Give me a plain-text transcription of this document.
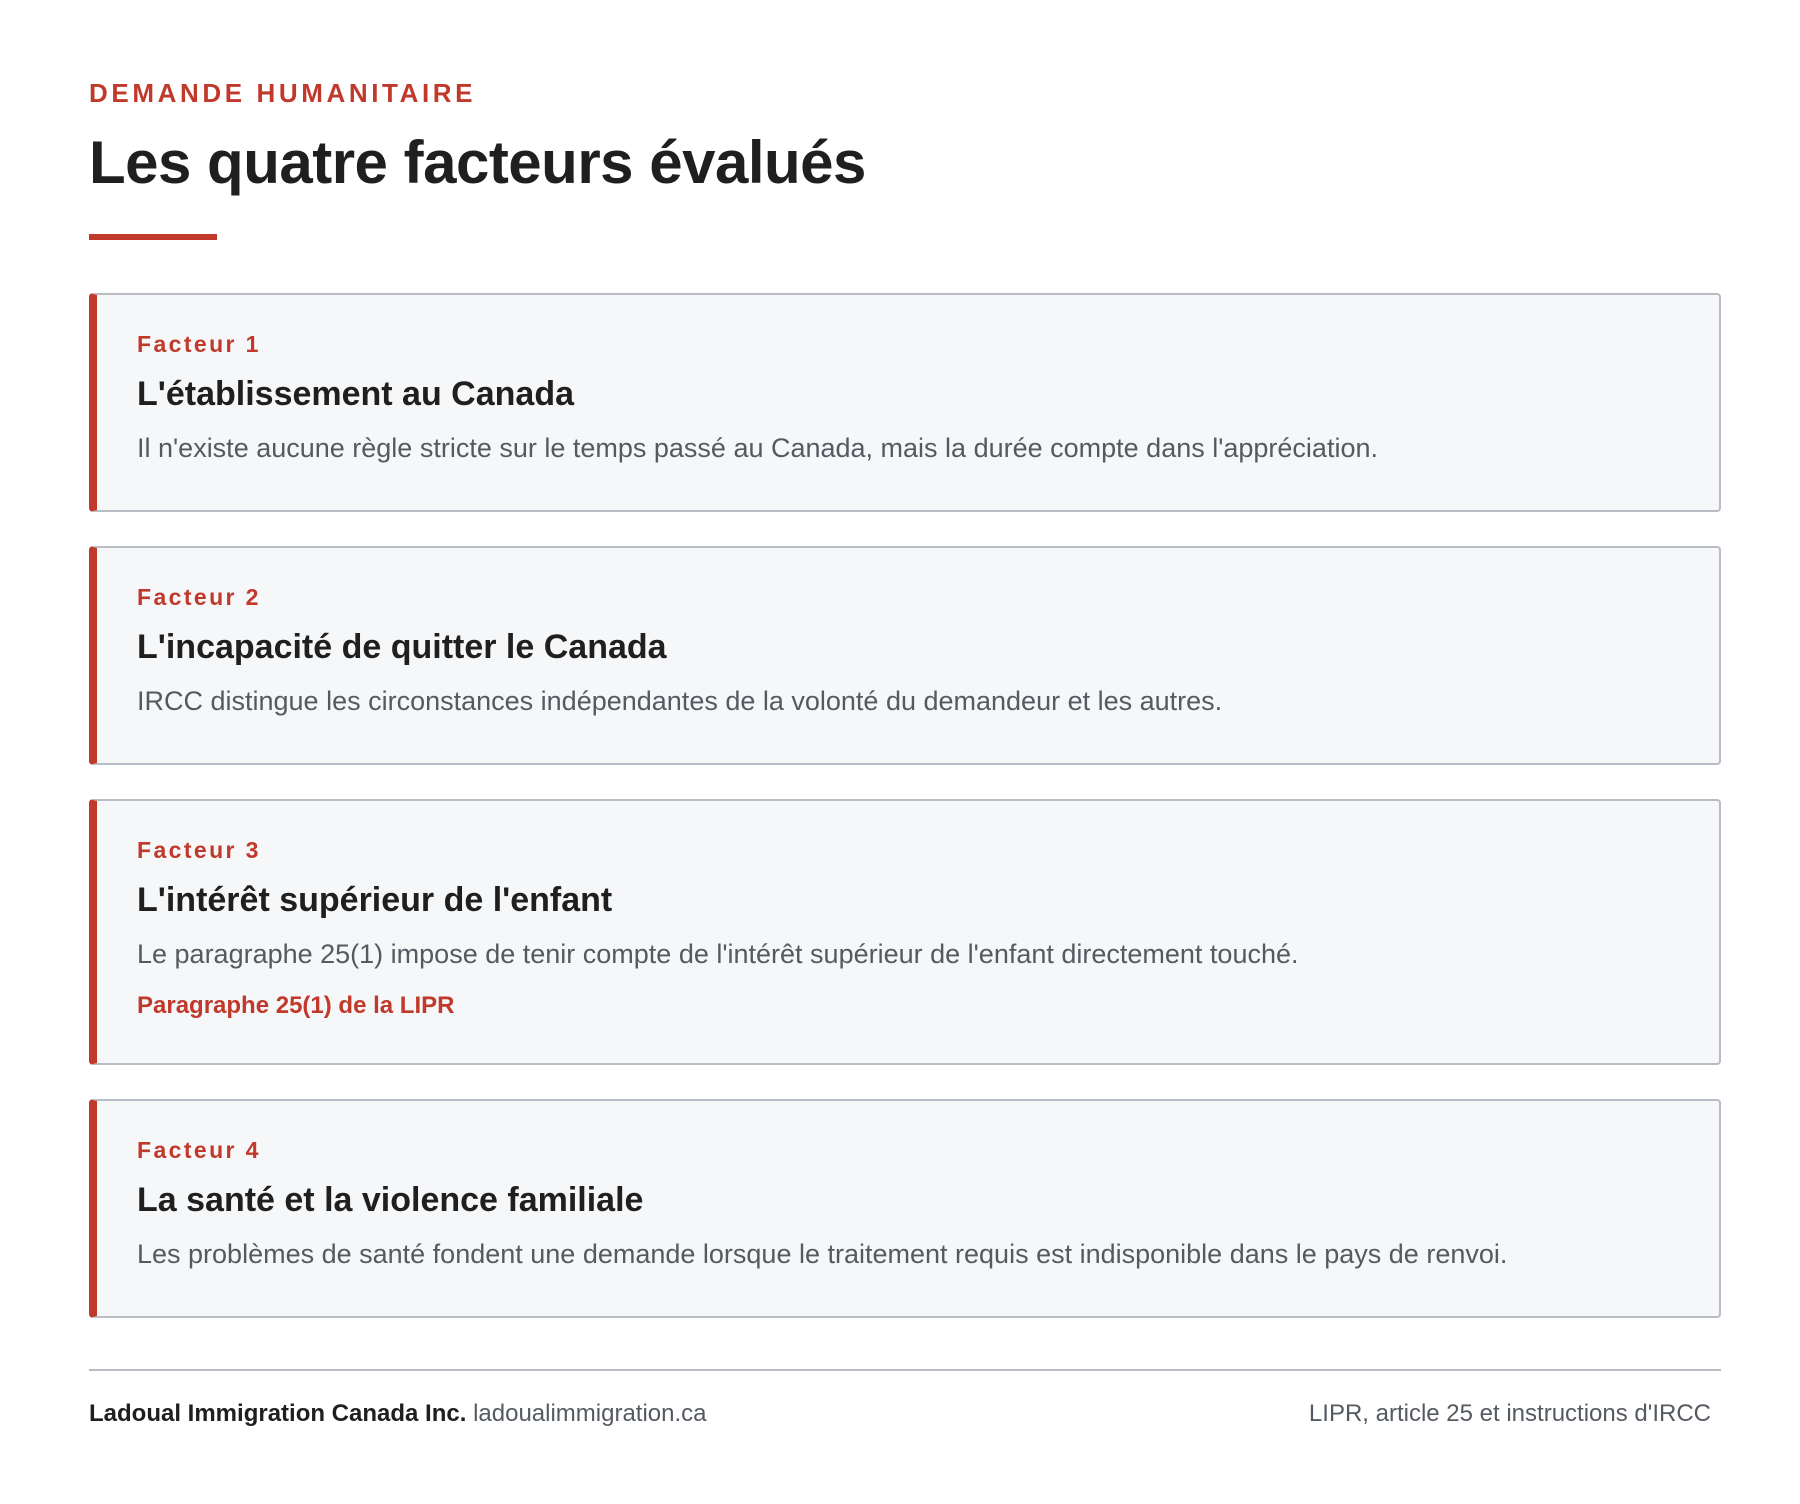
DEMANDE HUMANITAIRE
Les quatre facteurs évalués
Facteur 1
L'établissement au Canada
Il n'existe aucune règle stricte sur le temps passé au Canada, mais la durée compte dans l'appréciation.
Facteur 2
L'incapacité de quitter le Canada
IRCC distingue les circonstances indépendantes de la volonté du demandeur et les autres.
Facteur 3
L'intérêt supérieur de l'enfant
Le paragraphe 25(1) impose de tenir compte de l'intérêt supérieur de l'enfant directement touché.
Paragraphe 25(1) de la LIPR
Facteur 4
La santé et la violence familiale
Les problèmes de santé fondent une demande lorsque le traitement requis est indisponible dans le pays de renvoi.
Ladoual Immigration Canada Inc. ladoualimmigration.ca	LIPR, article 25 et instructions d'IRCC
